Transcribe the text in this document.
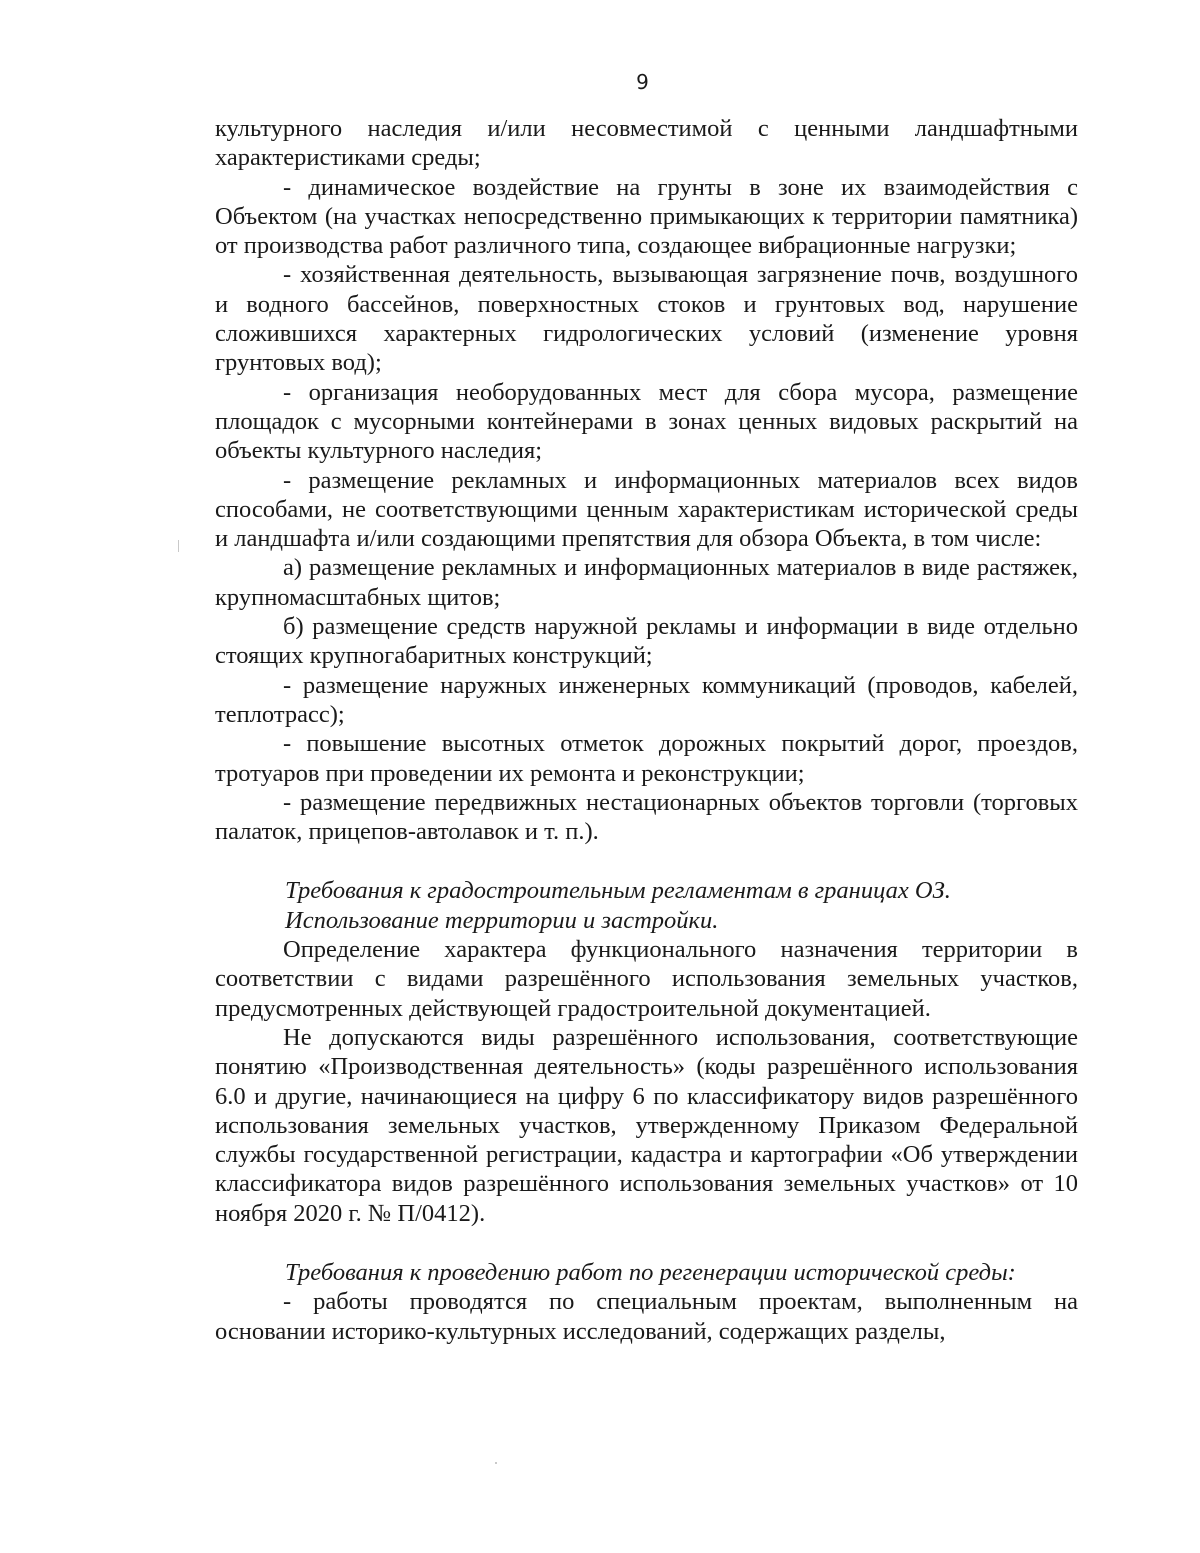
9

культурного наследия и/или несовместимой с ценными ландшафтными характеристиками среды;

- динамическое воздействие на грунты в зоне их взаимодействия с Объектом (на участках непосредственно примыкающих к территории памятника) от производства работ различного типа, создающее вибрационные нагрузки;

- хозяйственная деятельность, вызывающая загрязнение почв, воздушного и водного бассейнов, поверхностных стоков и грунтовых вод, нарушение сложившихся характерных гидрологических условий (изменение уровня грунтовых вод);

- организация необорудованных мест для сбора мусора, размещение площадок с мусорными контейнерами в зонах ценных видовых раскрытий на объекты культурного наследия;

- размещение рекламных и информационных материалов всех видов способами, не соответствующими ценным характеристикам исторической среды и ландшафта и/или создающими препятствия для обзора Объекта, в том числе:

а) размещение рекламных и информационных материалов в виде растяжек, крупномасштабных щитов;

б) размещение средств наружной рекламы и информации в виде отдельно стоящих крупногабаритных конструкций;

- размещение наружных инженерных коммуникаций (проводов, кабелей, теплотрасс);

- повышение высотных отметок дорожных покрытий дорог, проездов, тротуаров при проведении их ремонта и реконструкции;

- размещение передвижных нестационарных объектов торговли (торговых палаток, прицепов-автолавок и т. п.).

Требования к градостроительным регламентам в границах ОЗ.

Использование территории и застройки.

Определение характера функционального назначения территории в соответствии с видами разрешённого использования земельных участков, предусмотренных действующей градостроительной документацией.

Не допускаются виды разрешённого использования, соответствующие понятию «Производственная деятельность» (коды разрешённого использования 6.0 и другие, начинающиеся на цифру 6 по классификатору видов разрешённого использования земельных участков, утвержденному Приказом Федеральной службы государственной регистрации, кадастра и картографии «Об утверждении классификатора видов разрешённого использования земельных участков» от 10 ноября 2020 г. № П/0412).

Требования к проведению работ по регенерации исторической среды:

- работы проводятся по специальным проектам, выполненным на основании историко-культурных исследований, содержащих разделы,
